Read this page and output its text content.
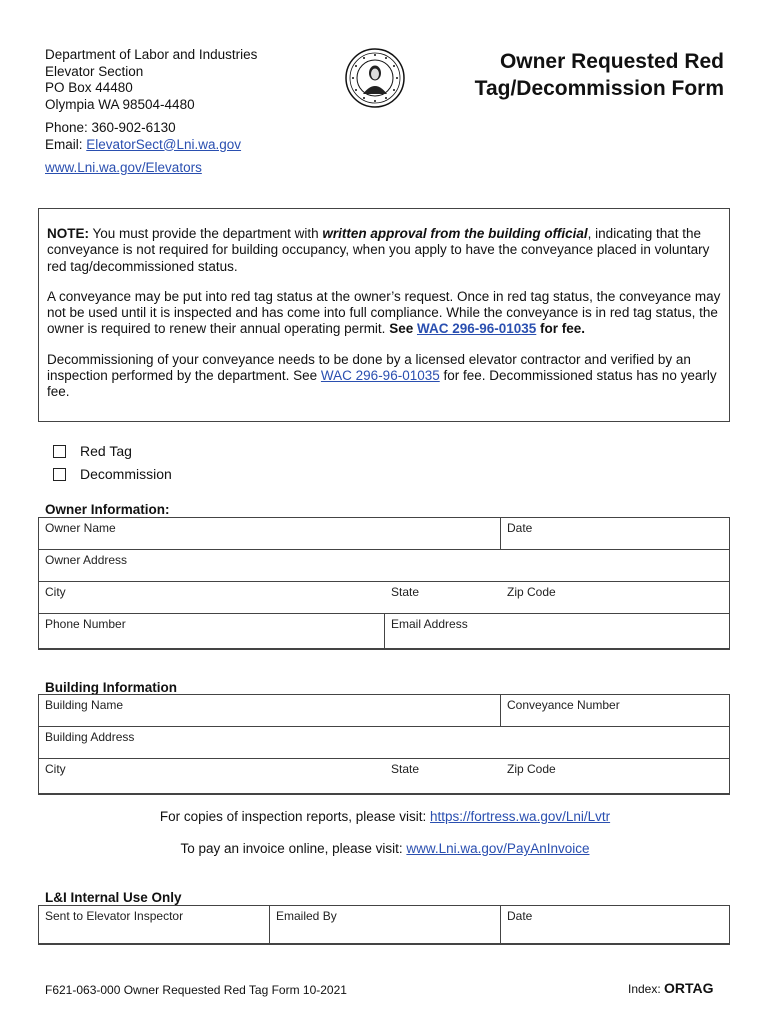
Department of Labor and Industries
Elevator Section
PO Box 44480
Olympia WA 98504-4480
Phone: 360-902-6130
Email: ElevatorSect@Lni.wa.gov
www.Lni.wa.gov/Elevators
Owner Requested Red
Tag/Decommission Form

NOTE: You must provide the department with written approval from the building official, indicating that the conveyance is not required for building occupancy, when you apply to have the conveyance placed in voluntary red tag/decommissioned status.

A conveyance may be put into red tag status at the owner’s request. Once in red tag status, the conveyance may not be used until it is inspected and has come into full compliance. While the conveyance is in red tag status, the owner is required to renew their annual operating permit. See WAC 296-96-01035 for fee.

Decommissioning of your conveyance needs to be done by a licensed elevator contractor and verified by an inspection performed by the department. See WAC 296-96-01035 for fee. Decommissioned status has no yearly fee.

Red Tag
Decommission
Owner Information:
Owner Name	Date
Owner Address
City	State	Zip Code
Phone Number	Email Address
Building Information
Building Name	Conveyance Number
Building Address
City	State	Zip Code
For copies of inspection reports, please visit: https://fortress.wa.gov/Lni/Lvtr
To pay an invoice online, please visit: www.Lni.wa.gov/PayAnInvoice
L&I Internal Use Only
Sent to Elevator Inspector	Emailed By	Date
F621-063-000 Owner Requested Red Tag Form 10-2021	Index: ORTAG
